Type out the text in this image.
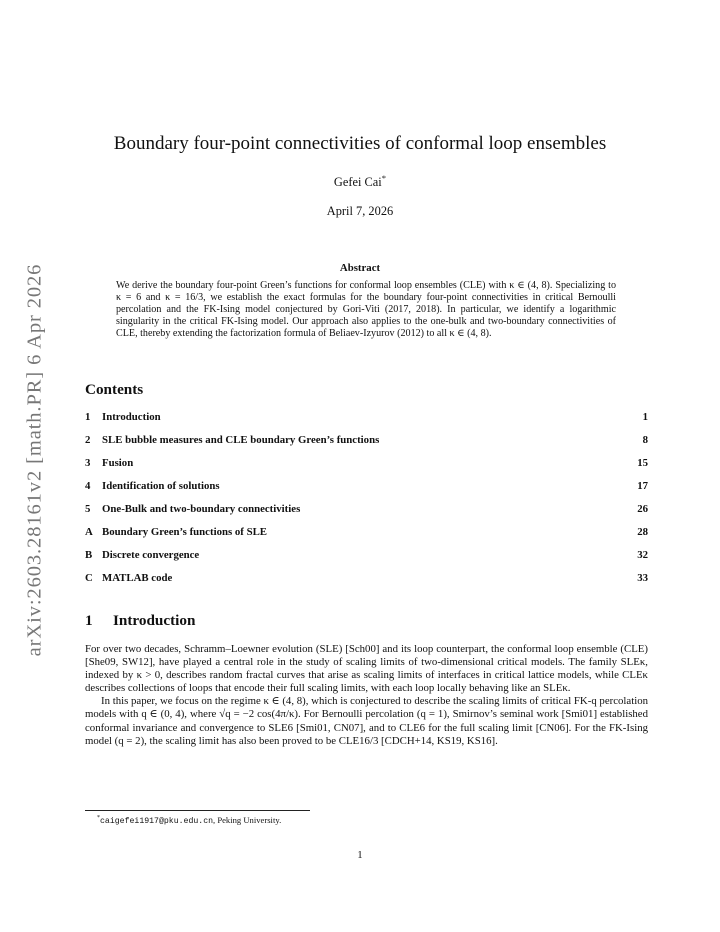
arXiv:2603.28161v2 [math.PR] 6 Apr 2026
Boundary four-point connectivities of conformal loop ensembles
Gefei Cai*
April 7, 2026
Abstract
We derive the boundary four-point Green’s functions for conformal loop ensembles (CLE) with κ ∈ (4, 8). Specializing to κ = 6 and κ = 16/3, we establish the exact formulas for the boundary four-point connectivities in critical Bernoulli percolation and the FK-Ising model conjectured by Gori-Viti (2017, 2018). In particular, we identify a logarithmic singularity in the critical FK-Ising model. Our approach also applies to the one-bulk and two-boundary connectivities of CLE, thereby extending the factorization formula of Beliaev-Izyurov (2012) to all κ ∈ (4, 8).
Contents
1	Introduction	1
2	SLE bubble measures and CLE boundary Green’s functions	8
3	Fusion	15
4	Identification of solutions	17
5	One-Bulk and two-boundary connectivities	26
A Boundary Green’s functions of SLE	28
B Discrete convergence	32
C MATLAB code	33
1 Introduction

For over two decades, Schramm–Loewner evolution (SLE) [Sch00] and its loop counterpart, the conformal loop ensemble (CLE) [She09, SW12], have played a central role in the study of scaling limits of two-dimensional critical models. The family SLEκ, indexed by κ > 0, describes random fractal curves that arise as scaling limits of interfaces in critical lattice models, while CLEκ describes collections of loops that encode their full scaling limits, with each loop locally behaving like an SLEκ.

In this paper, we focus on the regime κ ∈ (4, 8), which is conjectured to describe the scaling limits of critical FK-q percolation models with q ∈ (0, 4), where √q = −2 cos(4π/κ). For Bernoulli percolation (q = 1), Smirnov’s seminal work [Smi01] established conformal invariance and convergence to SLE6 [Smi01, CN07], and to CLE6 for the full scaling limit [CN06]. For the FK-Ising model (q = 2), the scaling limit has also been proved to be CLE16/3 [CDCH+14, KS19, KS16].

*caigefei1917@pku.edu.cn, Peking University.
1
